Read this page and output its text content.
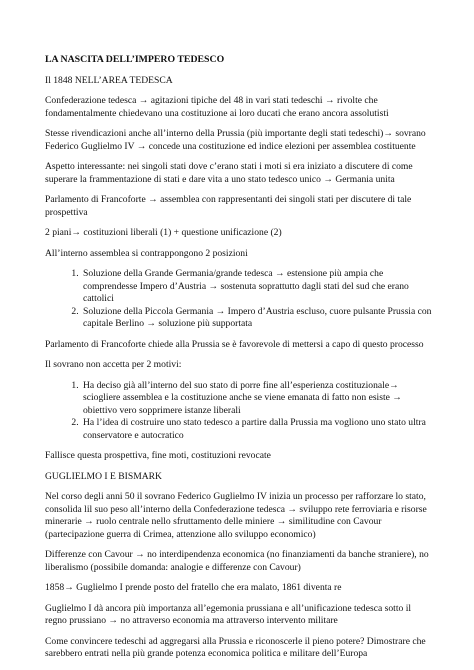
LA NASCITA DELL’IMPERO TEDESCO
Il 1848 NELL’AREA TEDESCA

Confederazione tedesca → agitazioni tipiche del 48 in vari stati tedeschi → rivolte che fondamentalmente chiedevano una costituzione ai loro ducati che erano ancora assolutisti

Stesse rivendicazioni anche all’interno della Prussia (più importante degli stati tedeschi)→ sovrano Federico Guglielmo IV → concede una costituzione ed indice elezioni per assemblea costituente

Aspetto interessante: nei singoli stati dove c’erano stati i moti si era iniziato a discutere di come superare la frammentazione di stati e dare vita a uno stato tedesco unico → Germania unita

Parlamento di Francoforte → assemblea con rappresentanti dei singoli stati per discutere di tale prospettiva

2 piani→ costituzioni liberali (1) + questione unificazione (2)

All’interno assemblea si contrappongono 2 posizioni

1. Soluzione della Grande Germania/grande tedesca → estensione più ampia che comprendesse Impero d’Austria → sostenuta soprattutto dagli stati del sud che erano cattolici
2. Soluzione della Piccola Germania → Impero d’Austria escluso, cuore pulsante Prussia con capitale Berlino → soluzione più supportata

Parlamento di Francoforte chiede alla Prussia se è favorevole di mettersi a capo di questo processo

Il sovrano non accetta per 2 motivi:

1. Ha deciso già all’interno del suo stato di porre fine all’esperienza costituzionale→ sciogliere assemblea e la costituzione anche se viene emanata di fatto non esiste → obiettivo vero sopprimere istanze liberali
2. Ha l’idea di costruire uno stato tedesco a partire dalla Prussia ma vogliono uno stato ultra conservatore e autocratico

Fallisce questa prospettiva, fine moti, costituzioni revocate

GUGLIELMO I E BISMARK

Nel corso degli anni 50 il sovrano Federico Guglielmo IV inizia un processo per rafforzare lo stato, consolida lil suo peso all’interno della Confederazione tedesca → sviluppo rete ferroviaria e risorse minerarie → ruolo centrale nello sfruttamento delle miniere → similitudine con Cavour (partecipazione guerra di Crimea, attenzione allo sviluppo economico)

Differenze con Cavour → no interdipendenza economica (no finanziamenti da banche straniere), no liberalismo (possibile domanda: analogie e differenze con Cavour)

1858→ Guglielmo I prende posto del fratello che era malato, 1861 diventa re

Guglielmo I dà ancora più importanza all’egemonia prussiana e all’unificazione tedesca sotto il regno prussiano → no attraverso economia ma attraverso intervento militare

Come convincere tedeschi ad aggregarsi alla Prussia e riconoscerle il pieno potere? Dimostrare che sarebbero entrati nella più grande potenza economica politica e militare dell’Europa
